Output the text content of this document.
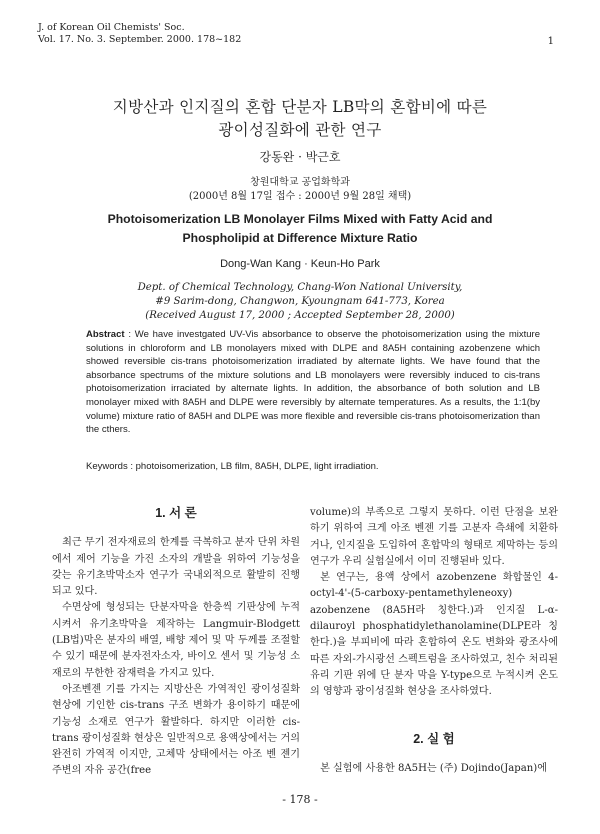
J. of Korean Oil Chemists' Soc.
Vol. 17. No. 3. September. 2000. 178~182	1
지방산과 인지질의 혼합 단분자 LB막의 혼합비에 따른
광이성질화에 관한 연구
강동완 · 박근호
창원대학교 공업화학과
(2000년 8월 17일 접수 : 2000년 9월 28일 채택)
Photoisomerization LB Monolayer Films Mixed with Fatty Acid and
Phospholipid at Difference Mixture Ratio
Dong-Wan Kang · Keun-Ho Park
Dept. of Chemical Technology, Chang-Won National University,
#9 Sarim-dong, Changwon, Kyoungnam 641-773, Korea
(Received August 17, 2000 ; Accepted September 28, 2000)
Abstract : We have investgated UV-Vis absorbance to observe the photoisomerization using the mixture solutions in chloroform and LB monolayers mixed with DLPE and 8A5H containing azobenzene which showed reversible cis-trans photoisomerization irradiated by alternate lights. We have found that the absorbance spectrums of the mixture solutions and LB monolayers were reversibly induced to cis-trans photoisomerization irraciated by alternate lights. In addition, the absorbance of both solution and LB monolayer mixed with 8A5H and DLPE were reversibly by alternate temperatures. As a results, the 1:1(by volume) mixture ratio of 8A5H and DLPE was more flexible and reversible cis-trans photoisomerization than the cthers.
Keywords : photoisomerization, LB film, 8A5H, DLPE, light irradiation.
1. 서 론

최근 무기 전자재료의 한계를 극복하고 분자 단위 차원에서 제어 기능을 가진 소자의 개발을 위하여 기능성을 갖는 유기초박막소자 연구가 국내외적으로 활발히 진행되고 있다.

수면상에 형성되는 단분자막을 한층씩 기판상에 누적시켜서 유기초박막을 제작하는 Langmuir-Blodgett (LB법)막은 분자의 배열, 배향 제어 및 막 두께를 조절할 수 있기 때문에 분자전자소자, 바이오 센서 및 기능성 소재로의 무한한 잠재력을 가지고 있다.

아조벤젠 기를 가지는 지방산은 가역적인 광이성질화 현상에 기인한 cis-trans 구조 변화가 용이하기 때문에 기능성 소재로 연구가 활발하다. 하지만 이러한 cis-trans 광이성질화 현상은 일반적으로 용액상에서는 거의 완전히 가역적 이지만, 고체막 상태에서는 아조 벤 젠기 주변의 자유 공간(free

volume)의 부족으로 그렇지 못하다. 이런 단점을 보완하기 위하여 크게 아조 벤젠 기를 고분자 측쇄에 치환하거나, 인지질을 도입하여 혼합막의 형태로 제막하는 등의 연구가 우리 실험실에서 이미 진행된바 있다.

본 연구는, 용액 상에서 azobenzene 화합물인 4-octyl-4'-(5-carboxy-pentamethyleneoxy) azobenzene (8A5H라 칭한다.)과 인지질 L-α-dilauroyl phosphatidylethanolamine(DLPE라 칭한다.)을 부피비에 따라 혼합하여 온도 변화와 광조사에 따른 자외-가시광선 스펙트럼을 조사하였고, 친수 처리된 유리 기판 위에 단 분자 막을 Y-type으로 누적시켜 온도의 영향과 광이성질화 현상을 조사하였다.

2. 실 험

본 실험에 사용한 8A5H는 (주) Dojindo(Japan)에

- 178 -
